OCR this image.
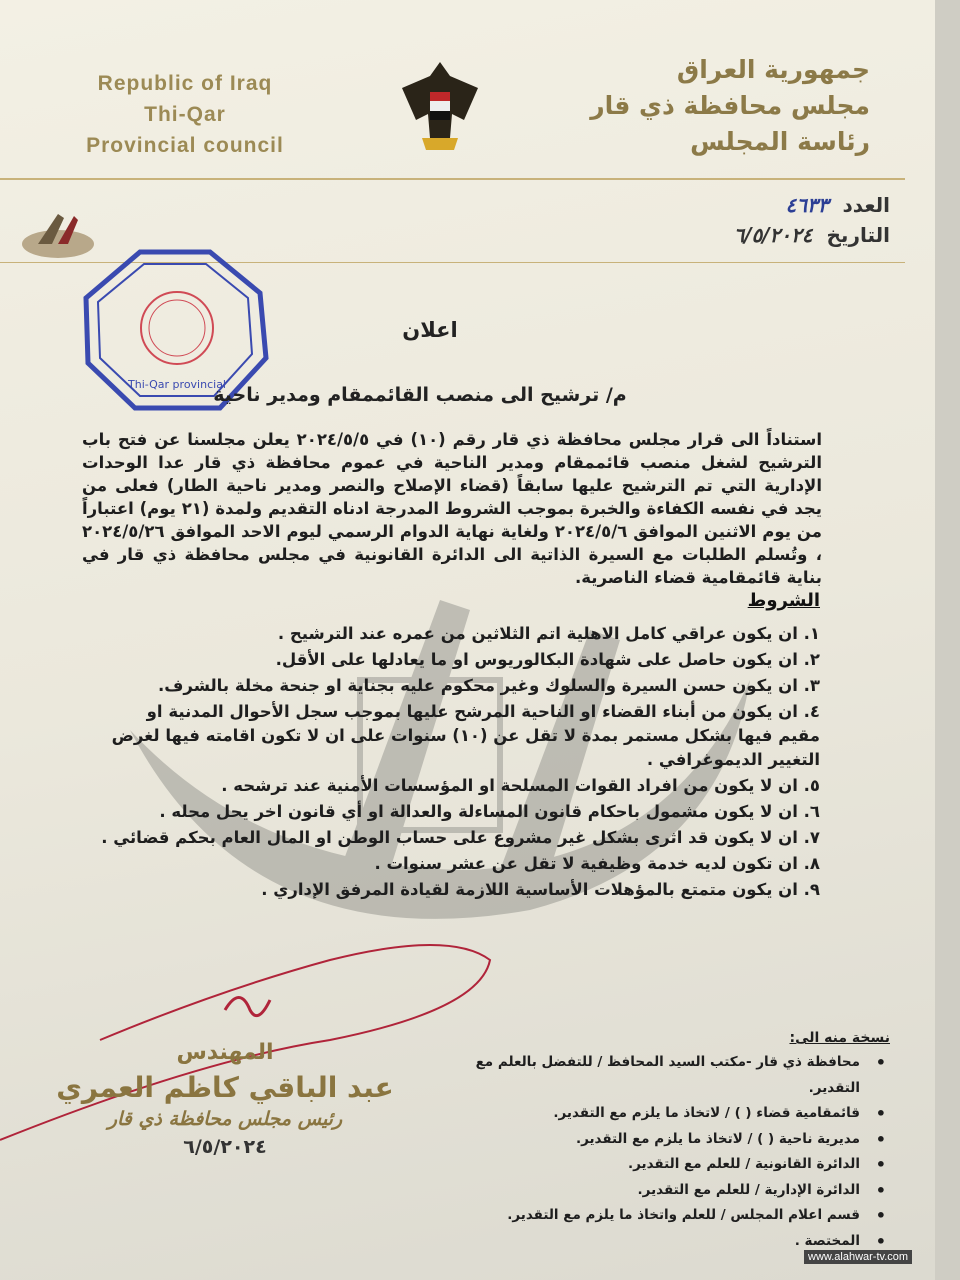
Republic of Iraq
Thi-Qar
Provincial council
جمهورية العراق
مجلس محافظة ذي قار
رئاسة المجلس
العدد٤٦٣٣
التاريخ٦/٥/٢٠٢٤
Thi-Qar provincial
اعلان
م/ ترشيح الى منصب القائممقام ومدير ناحية
استناداً الى قرار مجلس محافظة ذي قار رقم (١٠) في ٢٠٢٤/٥/٥ يعلن مجلسنا عن فتح باب الترشيح لشغل منصب قائممقام ومدير الناحية في عموم محافظة ذي قار عدا الوحدات الإدارية التي تم الترشيح عليها سابقاً (قضاء الإصلاح والنصر ومدير ناحية الطار) فعلى من يجد في نفسه الكفاءة والخبرة بموجب الشروط المدرجة ادناه التقديم ولمدة (٢١ يوم) اعتباراً من يوم الاثنين الموافق ٢٠٢٤/٥/٦ ولغاية نهاية الدوام الرسمي ليوم الاحد الموافق ٢٠٢٤/٥/٢٦ ، وتُسلم الطلبات مع السيرة الذاتية الى الدائرة القانونية في مجلس محافظة ذي قار في بناية قائمقامية قضاء الناصرية.
الشروط
١. ان يكون عراقي كامل الاهلية اتم الثلاثين من عمره عند الترشيح .
٢. ان يكون حاصل على شهادة البكالوريوس او ما يعادلها على الأقل.
٣. ان يكون حسن السيرة والسلوك وغير محكوم عليه بجناية او جنحة مخلة بالشرف.
٤. ان يكون من أبناء القضاء او الناحية المرشح عليها بموجب سجل الأحوال المدنية او مقيم فيها بشكل مستمر بمدة لا تقل عن (١٠) سنوات على ان لا تكون اقامته فيها لغرض التغيير الديموغرافي .
٥. ان لا يكون من افراد القوات المسلحة او المؤسسات الأمنية عند ترشحه .
٦. ان لا يكون مشمول باحكام قانون المساءلة والعدالة او أي قانون اخر يحل محله .
٧. ان لا يكون قد اثرى بشكل غير مشروع على حساب الوطن او المال العام بحكم قضائي .
٨. ان تكون لديه خدمة وظيفية لا تقل عن عشر سنوات .
٩. ان يكون متمتع بالمؤهلات الأساسية اللازمة لقيادة المرفق الإداري .
المهندس
عبد الباقي كاظم العمري
رئيس مجلس محافظة ذي قار
٦/٥/٢٠٢٤
نسخة منه الى:
• محافظة ذي قار -مكتب السيد المحافظ / للتفضل بالعلم مع التقدير.
• قائمقامية قضاء ( ) / لاتخاذ ما يلزم مع التقدير.
• مديرية ناحية ( ) / لاتخاذ ما يلزم مع التقدير.
• الدائرة القانونية / للعلم مع التقدير.
• الدائرة الإدارية / للعلم مع التقدير.
• قسم اعلام المجلس / للعلم واتخاذ ما يلزم مع التقدير.
• المختصة .
www.alahwar-tv.com
